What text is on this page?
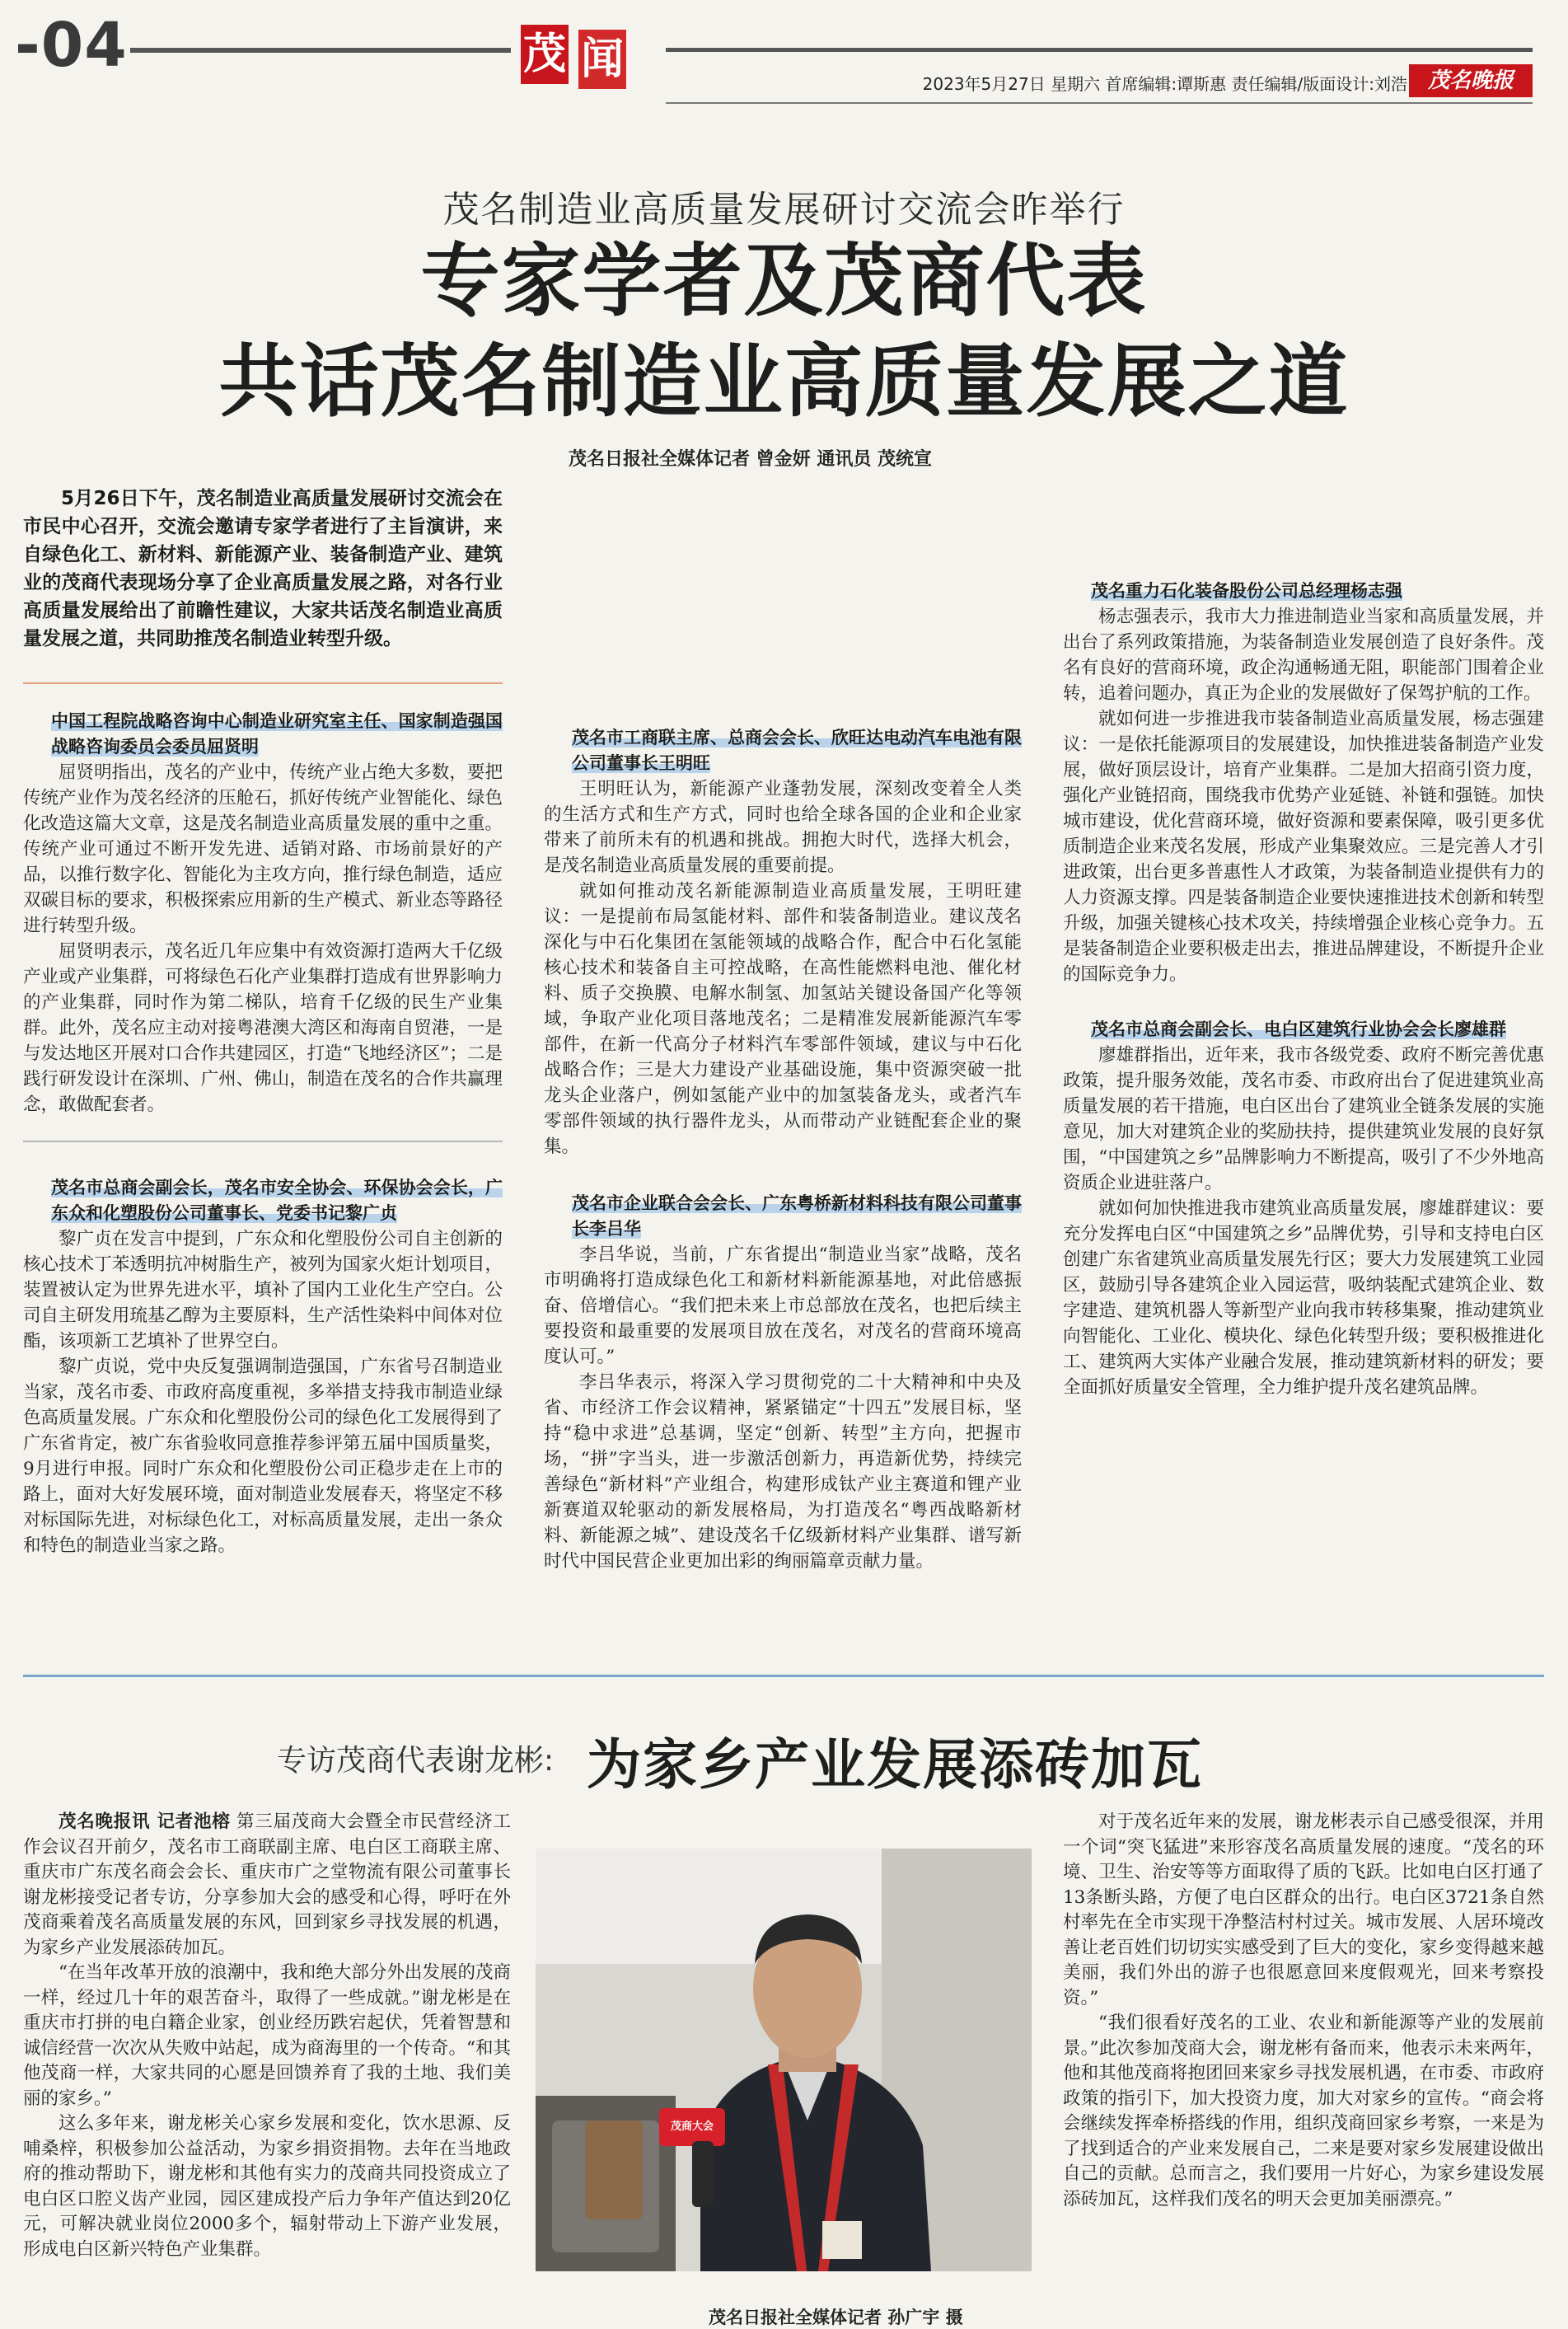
-04	茂 闻	2023年5月27日 星期六 首席编辑:谭斯惠 责任编辑/版面设计:刘浩 茂名晚报
茂名制造业高质量发展研讨交流会昨举行
专家学者及茂商代表
共话茂名制造业高质量发展之道
茂名日报社全媒体记者 曾金妍 通讯员 茂统宣

5月26日下午，茂名制造业高质量发展研讨交流会在市民中心召开，交流会邀请专家学者进行了主旨演讲，来自绿色化工、新材料、新能源产业、装备制造产业、建筑业的茂商代表现场分享了企业高质量发展之路，对各行业高质量发展给出了前瞻性建议，大家共话茂名制造业高质量发展之道，共同助推茂名制造业转型升级。

中国工程院战略咨询中心制造业研究室主任、国家制造强国战略咨询委员会委员屈贤明

屈贤明指出，茂名的产业中，传统产业占绝大多数，要把传统产业作为茂名经济的压舱石，抓好传统产业智能化、绿色化改造这篇大文章，这是茂名制造业高质量发展的重中之重。传统产业可通过不断开发先进、适销对路、市场前景好的产品，以推行数字化、智能化为主攻方向，推行绿色制造，适应双碳目标的要求，积极探索应用新的生产模式、新业态等路径进行转型升级。

屈贤明表示，茂名近几年应集中有效资源打造两大千亿级产业或产业集群，可将绿色石化产业集群打造成有世界影响力的产业集群，同时作为第二梯队，培育千亿级的民生产业集群。此外，茂名应主动对接粤港澳大湾区和海南自贸港，一是与发达地区开展对口合作共建园区，打造“飞地经济区”；二是践行研发设计在深圳、广州、佛山，制造在茂名的合作共赢理念，敢做配套者。

茂名市总商会副会长，茂名市安全协会、环保协会会长，广东众和化塑股份公司董事长、党委书记黎广贞

黎广贞在发言中提到，广东众和化塑股份公司自主创新的核心技术丁苯透明抗冲树脂生产，被列为国家火炬计划项目，装置被认定为世界先进水平，填补了国内工业化生产空白。公司自主研发用琉基乙醇为主要原料，生产活性染料中间体对位酯，该项新工艺填补了世界空白。

黎广贞说，党中央反复强调制造强国，广东省号召制造业当家，茂名市委、市政府高度重视，多举措支持我市制造业绿色高质量发展。广东众和化塑股份公司的绿色化工发展得到了广东省肯定，被广东省验收同意推荐参评第五届中国质量奖，9月进行申报。同时广东众和化塑股份公司正稳步走在上市的路上，面对大好发展环境，面对制造业发展春天，将坚定不移对标国际先进，对标绿色化工，对标高质量发展，走出一条众和特色的制造业当家之路。

茂名市工商联主席、总商会会长、欣旺达电动汽车电池有限公司董事长王明旺

王明旺认为，新能源产业蓬勃发展，深刻改变着全人类的生活方式和生产方式，同时也给全球各国的企业和企业家带来了前所未有的机遇和挑战。拥抱大时代，选择大机会，是茂名制造业高质量发展的重要前提。

就如何推动茂名新能源制造业高质量发展，王明旺建议：一是提前布局氢能材料、部件和装备制造业。建议茂名深化与中石化集团在氢能领域的战略合作，配合中石化氢能核心技术和装备自主可控战略，在高性能燃料电池、催化材料、质子交换膜、电解水制氢、加氢站关键设备国产化等领域，争取产业化项目落地茂名；二是精准发展新能源汽车零部件，在新一代高分子材料汽车零部件领域，建议与中石化战略合作；三是大力建设产业基础设施，集中资源突破一批龙头企业落户，例如氢能产业中的加氢装备龙头，或者汽车零部件领域的执行器件龙头，从而带动产业链配套企业的聚集。

茂名市企业联合会会长、广东粤桥新材料科技有限公司董事长李吕华

李吕华说，当前，广东省提出“制造业当家”战略，茂名市明确将打造成绿色化工和新材料新能源基地，对此倍感振奋、倍增信心。“我们把未来上市总部放在茂名，也把后续主要投资和最重要的发展项目放在茂名，对茂名的营商环境高度认可。”

李吕华表示，将深入学习贯彻党的二十大精神和中央及省、市经济工作会议精神，紧紧锚定“十四五”发展目标，坚持“稳中求进”总基调，坚定“创新、转型”主方向，把握市场，“拼”字当头，进一步激活创新力，再造新优势，持续完善绿色“新材料”产业组合，构建形成钛产业主赛道和锂产业新赛道双轮驱动的新发展格局，为打造茂名“粤西战略新材料、新能源之城”、建设茂名千亿级新材料产业集群、谱写新时代中国民营企业更加出彩的绚丽篇章贡献力量。

茂名重力石化装备股份公司总经理杨志强

杨志强表示，我市大力推进制造业当家和高质量发展，并出台了系列政策措施，为装备制造业发展创造了良好条件。茂名有良好的营商环境，政企沟通畅通无阻，职能部门围着企业转，追着问题办，真正为企业的发展做好了保驾护航的工作。

就如何进一步推进我市装备制造业高质量发展，杨志强建议：一是依托能源项目的发展建设，加快推进装备制造产业发展，做好顶层设计，培育产业集群。二是加大招商引资力度，强化产业链招商，围绕我市优势产业延链、补链和强链。加快城市建设，优化营商环境，做好资源和要素保障，吸引更多优质制造企业来茂名发展，形成产业集聚效应。三是完善人才引进政策，出台更多普惠性人才政策，为装备制造业提供有力的人力资源支撑。四是装备制造企业要快速推进技术创新和转型升级，加强关键核心技术攻关，持续增强企业核心竞争力。五是装备制造企业要积极走出去，推进品牌建设，不断提升企业的国际竞争力。

茂名市总商会副会长、电白区建筑行业协会会长廖雄群

廖雄群指出，近年来，我市各级党委、政府不断完善优惠政策，提升服务效能，茂名市委、市政府出台了促进建筑业高质量发展的若干措施，电白区出台了建筑业全链条发展的实施意见，加大对建筑企业的奖励扶持，提供建筑业发展的良好氛围，“中国建筑之乡”品牌影响力不断提高，吸引了不少外地高资质企业进驻落户。

就如何加快推进我市建筑业高质量发展，廖雄群建议：要充分发挥电白区“中国建筑之乡”品牌优势，引导和支持电白区创建广东省建筑业高质量发展先行区；要大力发展建筑工业园区，鼓励引导各建筑企业入园运营，吸纳装配式建筑企业、数字建造、建筑机器人等新型产业向我市转移集聚，推动建筑业向智能化、工业化、模块化、绿色化转型升级；要积极推进化工、建筑两大实体产业融合发展，推动建筑新材料的研发；要全面抓好质量安全管理，全力维护提升茂名建筑品牌。

专访茂商代表谢龙彬: 为家乡产业发展添砖加瓦

茂名晚报讯 记者池榕 第三届茂商大会暨全市民营经济工作会议召开前夕，茂名市工商联副主席、电白区工商联主席、重庆市广东茂名商会会长、重庆市广之堂物流有限公司董事长谢龙彬接受记者专访，分享参加大会的感受和心得，呼吁在外茂商乘着茂名高质量发展的东风，回到家乡寻找发展的机遇，为家乡产业发展添砖加瓦。

“在当年改革开放的浪潮中，我和绝大部分外出发展的茂商一样，经过几十年的艰苦奋斗，取得了一些成就。”谢龙彬是在重庆市打拼的电白籍企业家，创业经历跌宕起伏，凭着智慧和诚信经营一次次从失败中站起，成为商海里的一个传奇。“和其他茂商一样，大家共同的心愿是回馈养育了我的土地、我们美丽的家乡。”

这么多年来，谢龙彬关心家乡发展和変化，饮水思源、反哺桑梓，积极参加公益活动，为家乡捐资捐物。去年在当地政府的推动帮助下，谢龙彬和其他有实力的茂商共同投资成立了电白区口腔义齿产业园，园区建成投产后力争年产值达到20亿元，可解决就业岗位2000多个，辐射带动上下游产业发展，形成电白区新兴特色产业集群。

茂商大会
茂名日报社全媒体记者 孙广宇 摄

对于茂名近年来的发展，谢龙彬表示自己感受很深，并用一个词“突飞猛进”来形容茂名高质量发展的速度。“茂名的环境、卫生、治安等等方面取得了质的飞跃。比如电白区打通了13条断头路，方便了电白区群众的出行。电白区3721条自然村率先在全市实现干净整洁村村过关。城市发展、人居环境改善让老百姓们切切实实感受到了巨大的变化，家乡变得越来越美丽，我们外出的游子也很愿意回来度假观光，回来考察投资。”

“我们很看好茂名的工业、农业和新能源等产业的发展前景。”此次参加茂商大会，谢龙彬有备而来，他表示未来两年，他和其他茂商将抱团回来家乡寻找发展机遇，在市委、市政府政策的指引下，加大投资力度，加大对家乡的宣传。“商会将会继续发挥牵桥搭线的作用，组织茂商回家乡考察，一来是为了找到适合的产业来发展自己，二来是要对家乡发展建设做出自己的贡献。总而言之，我们要用一片好心，为家乡建设发展添砖加瓦，这样我们茂名的明天会更加美丽漂亮。”
